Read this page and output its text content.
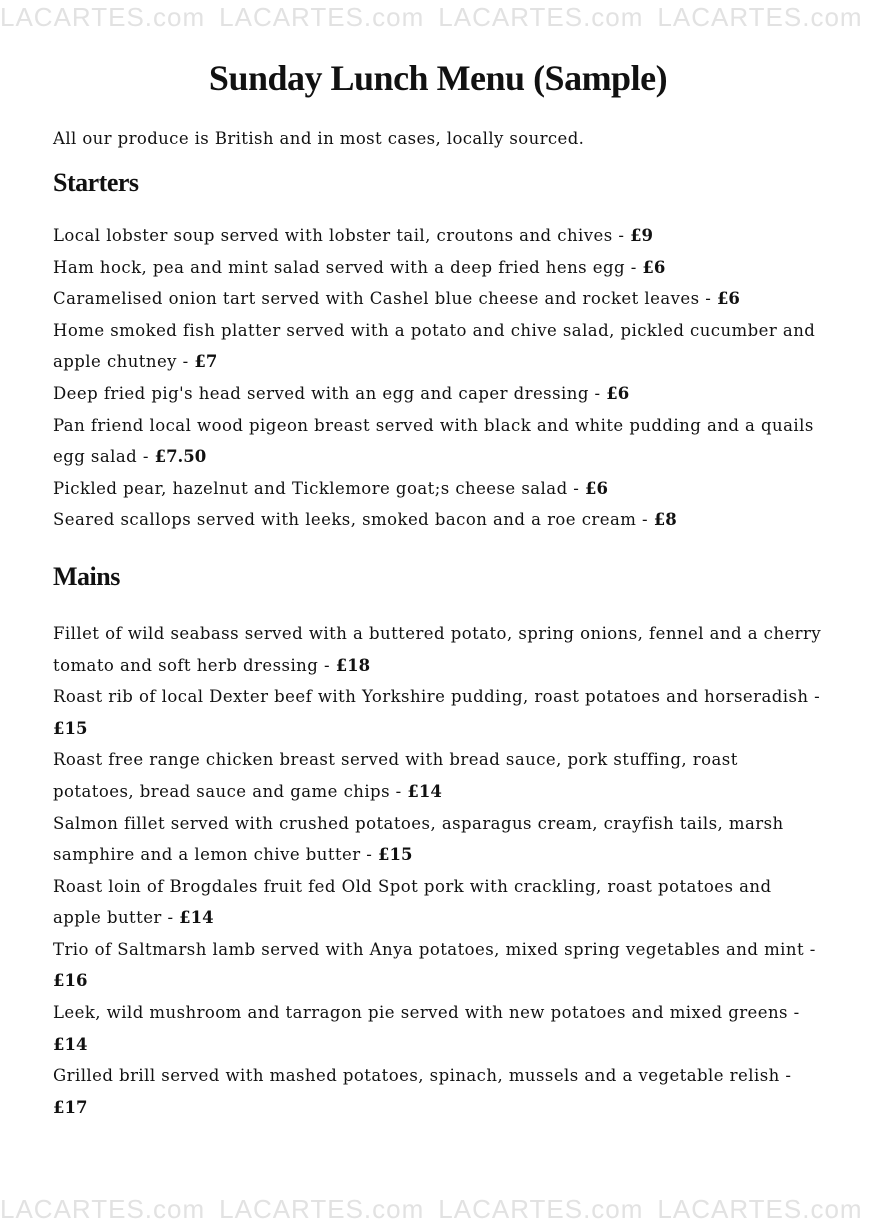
LACARTES.com LACARTES.com LACARTES.com LACARTES.com
Sunday Lunch Menu (Sample)

All our produce is British and in most cases, locally sourced.

Starters
Local lobster soup served with lobster tail, croutons and chives - £9
Ham hock, pea and mint salad served with a deep fried hens egg - £6
Caramelised onion tart served with Cashel blue cheese and rocket leaves - £6
Home smoked fish platter served with a potato and chive salad, pickled cucumber and apple chutney - £7
Deep fried pig's head served with an egg and caper dressing - £6
Pan friend local wood pigeon breast served with black and white pudding and a quails egg salad - £7.50
Pickled pear, hazelnut and Ticklemore goat;s cheese salad - £6
Seared scallops served with leeks, smoked bacon and a roe cream - £8
Mains
Fillet of wild seabass served with a buttered potato, spring onions, fennel and a cherry tomato and soft herb dressing - £18
Roast rib of local Dexter beef with Yorkshire pudding, roast potatoes and horseradish - £15
Roast free range chicken breast served with bread sauce, pork stuffing, roast potatoes, bread sauce and game chips - £14
Salmon fillet served with crushed potatoes, asparagus cream, crayfish tails, marsh samphire and a lemon chive butter - £15
Roast loin of Brogdales fruit fed Old Spot pork with crackling, roast potatoes and apple butter - £14
Trio of Saltmarsh lamb served with Anya potatoes, mixed spring vegetables and mint - £16
Leek, wild mushroom and tarragon pie served with new potatoes and mixed greens - £14
Grilled brill served with mashed potatoes, spinach, mussels and a vegetable relish - £17
LACARTES.com LACARTES.com LACARTES.com LACARTES.com
